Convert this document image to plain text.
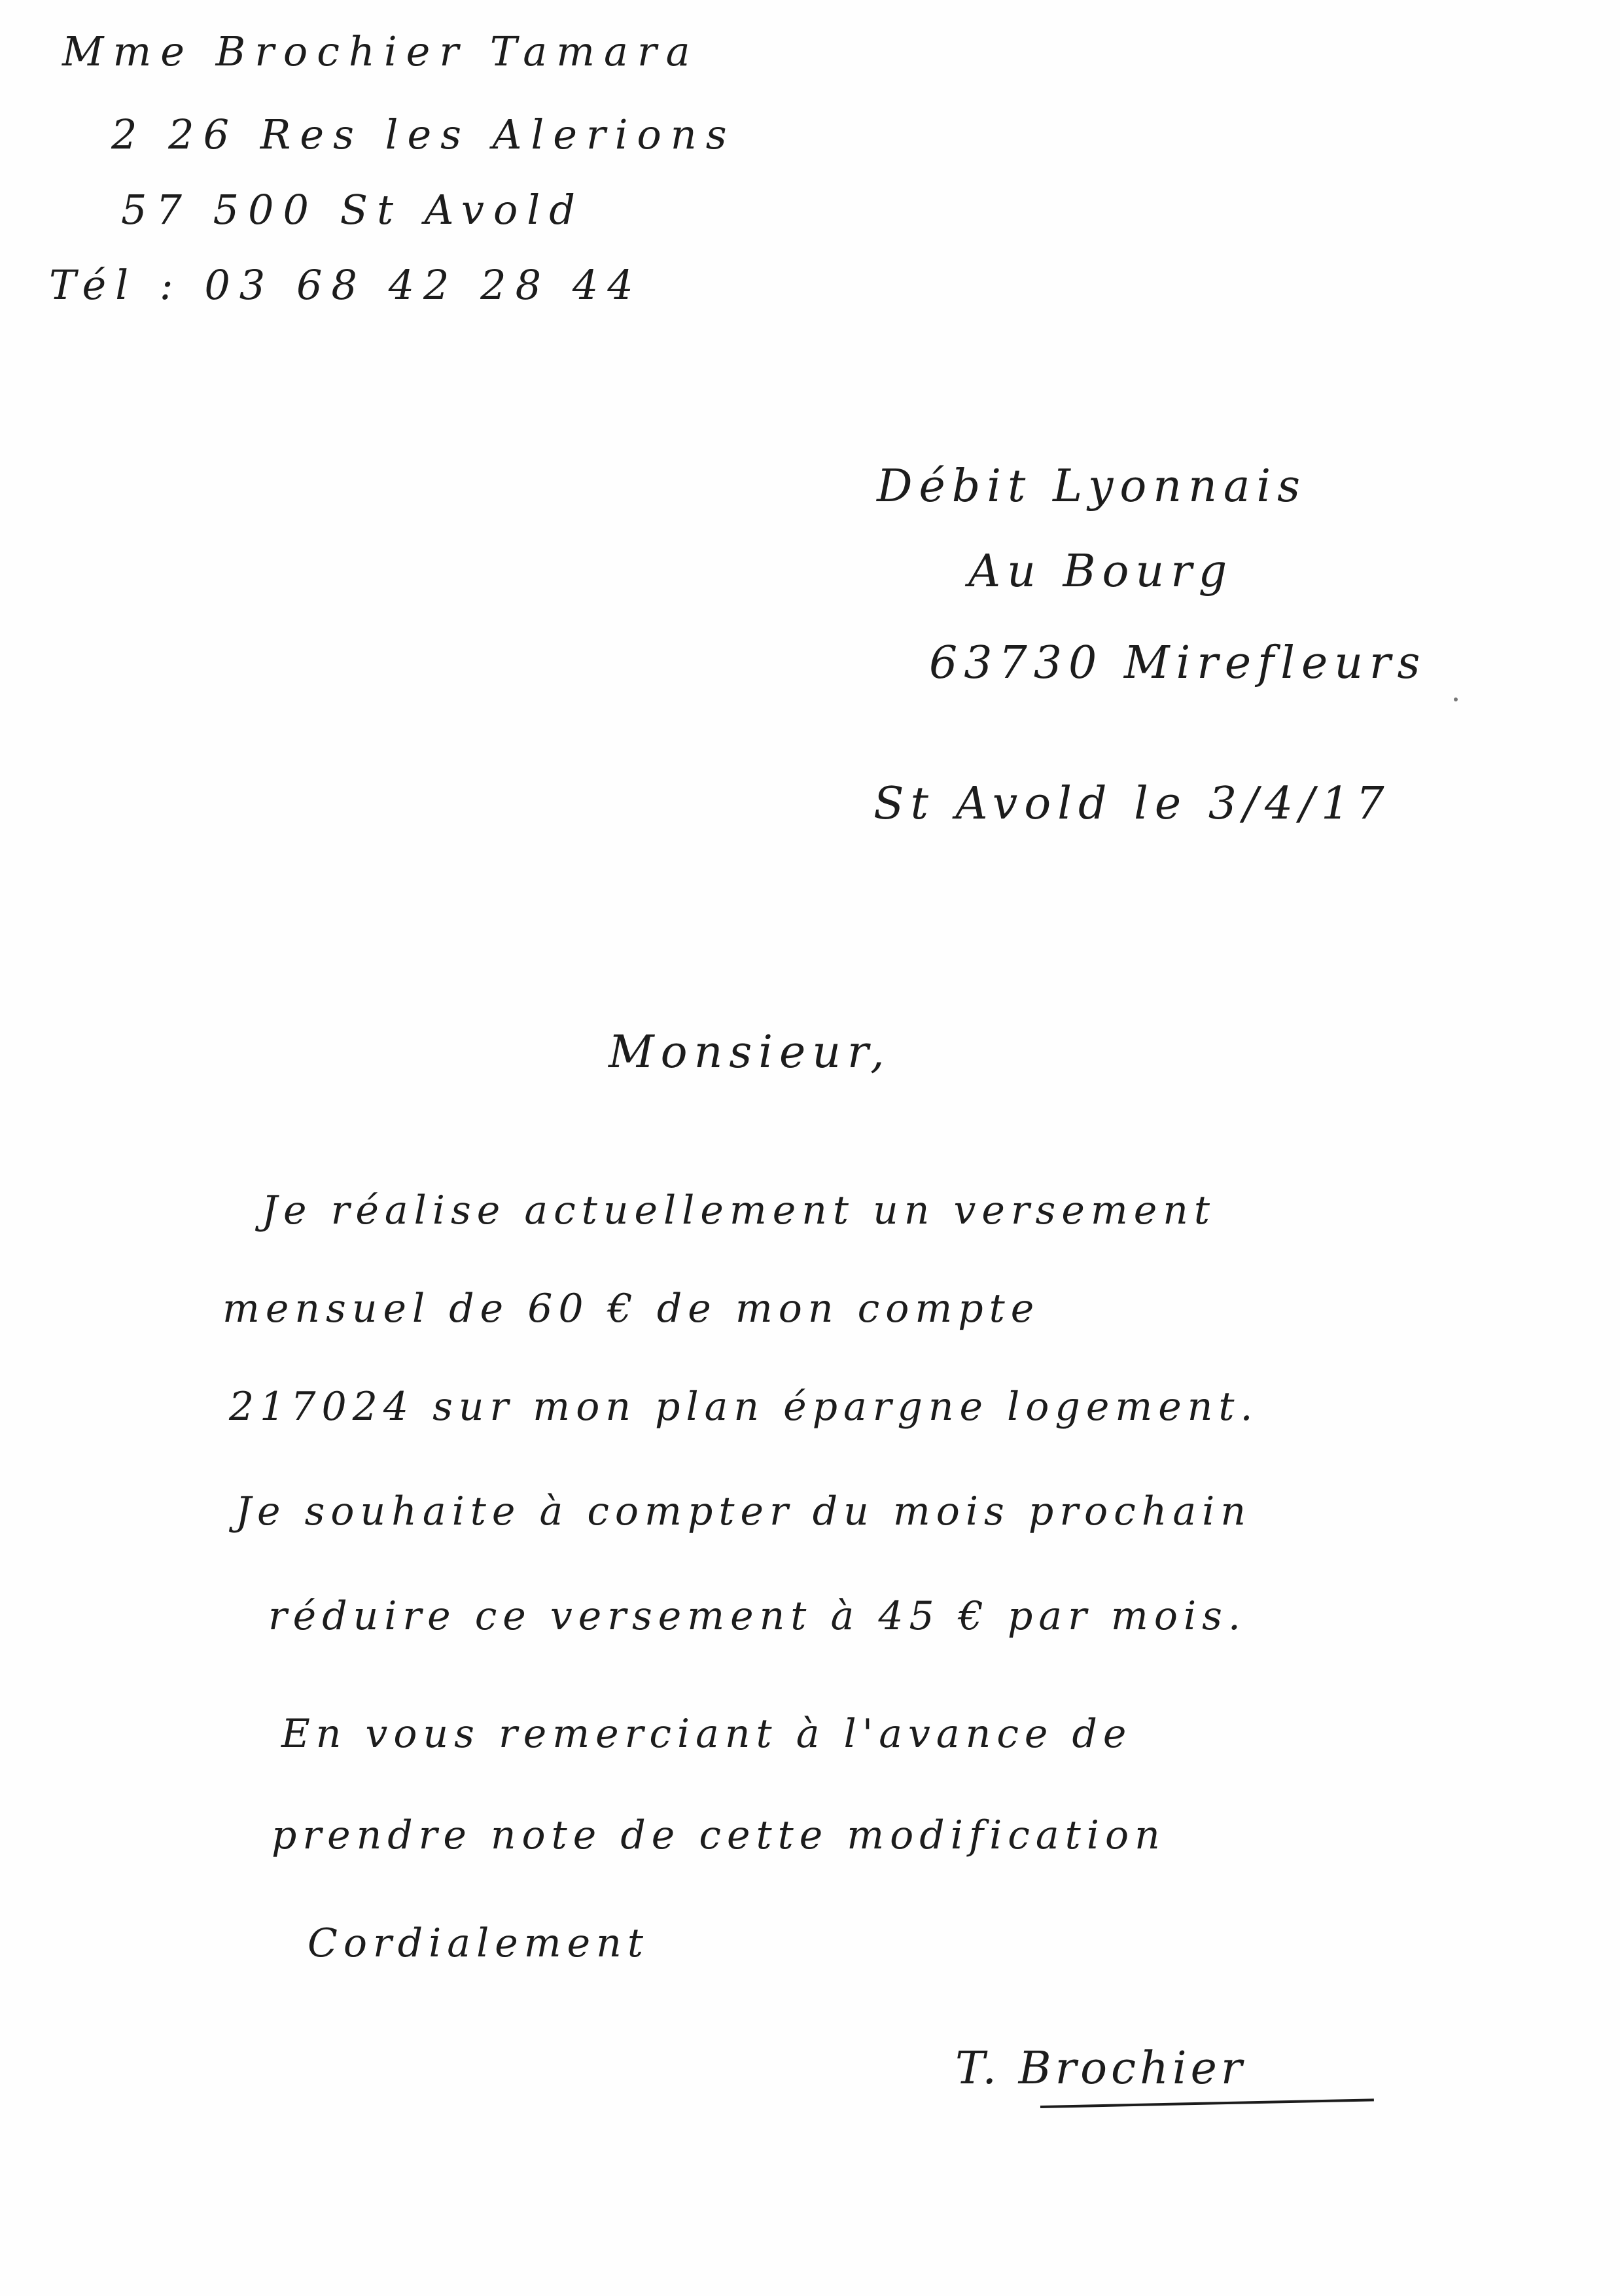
Mme Brochier Tamara
2 26 Res les Alerions
57 500 St Avold
Tél : 03 68 42 28 44
Débit Lyonnais
Au Bourg
63730 Mirefleurs
St Avold le 3/4/17
Monsieur,
Je réalise actuellement un versement
mensuel de 60 € de mon compte
217024 sur mon plan épargne logement.
Je souhaite à compter du mois prochain
réduire ce versement à 45 € par mois.
En vous remerciant à l'avance de
prendre note de cette modification
Cordialement
T. Brochier
